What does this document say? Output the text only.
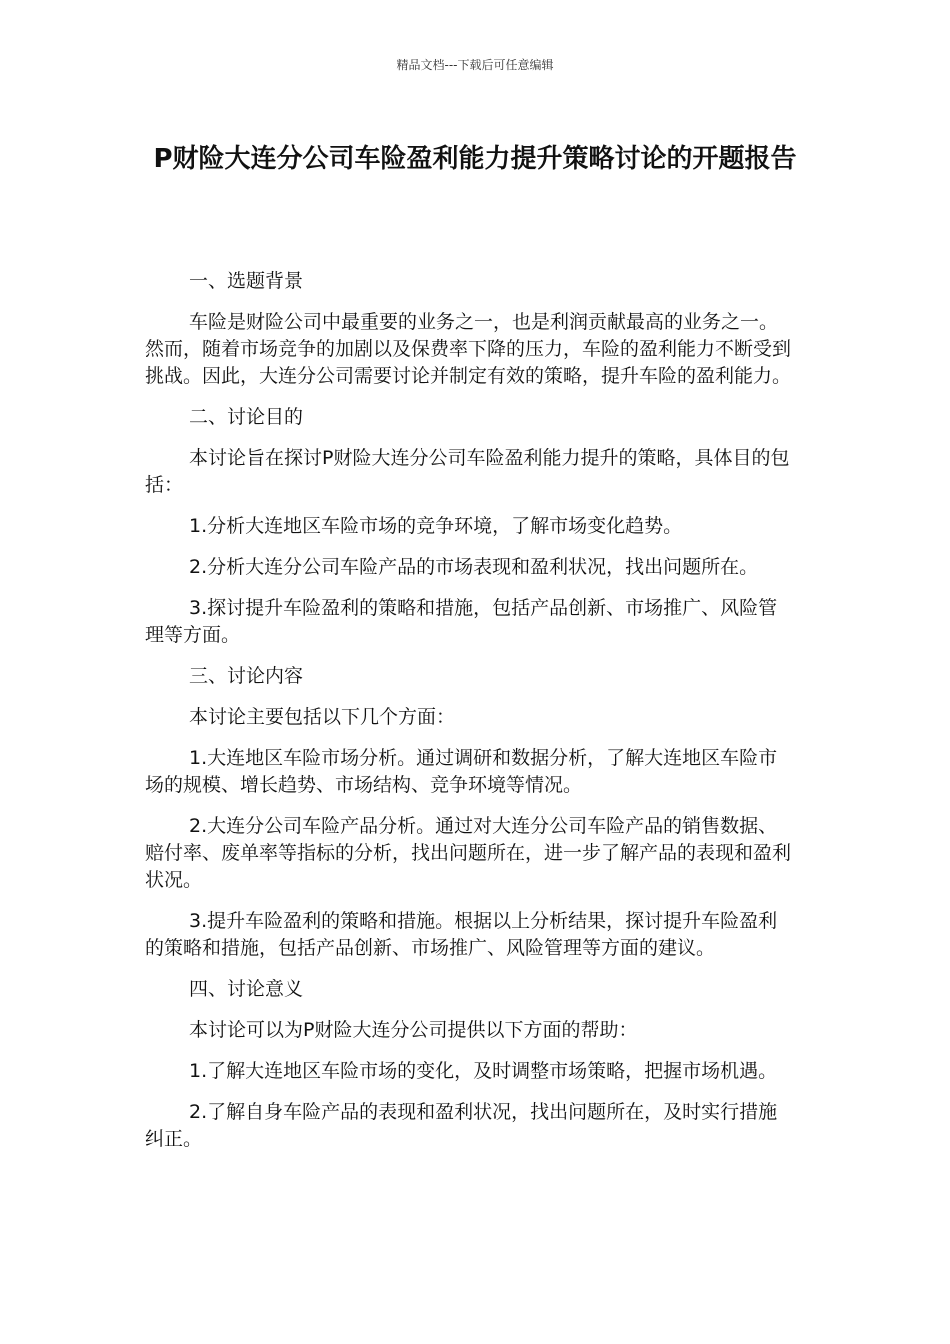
精品文档---下载后可任意编辑
P财险大连分公司车险盈利能力提升策略讨论的开题报告

一、选题背景

车险是财险公司中最重要的业务之一，也是利润贡献最高的业务之一。然而，随着市场竞争的加剧以及保费率下降的压力，车险的盈利能力不断受到挑战。因此，大连分公司需要讨论并制定有效的策略，提升车险的盈利能力。

二、讨论目的

本讨论旨在探讨P财险大连分公司车险盈利能力提升的策略，具体目的包括：

1.分析大连地区车险市场的竞争环境，了解市场变化趋势。

2.分析大连分公司车险产品的市场表现和盈利状况，找出问题所在。

3.探讨提升车险盈利的策略和措施，包括产品创新、市场推广、风险管理等方面。

三、讨论内容

本讨论主要包括以下几个方面：

1.大连地区车险市场分析。通过调研和数据分析，了解大连地区车险市场的规模、增长趋势、市场结构、竞争环境等情况。

2.大连分公司车险产品分析。通过对大连分公司车险产品的销售数据、赔付率、废单率等指标的分析，找出问题所在，进一步了解产品的表现和盈利状况。

3.提升车险盈利的策略和措施。根据以上分析结果，探讨提升车险盈利的策略和措施，包括产品创新、市场推广、风险管理等方面的建议。

四、讨论意义

本讨论可以为P财险大连分公司提供以下方面的帮助：

1.了解大连地区车险市场的变化，及时调整市场策略，把握市场机遇。

2.了解自身车险产品的表现和盈利状况，找出问题所在，及时实行措施纠正。
